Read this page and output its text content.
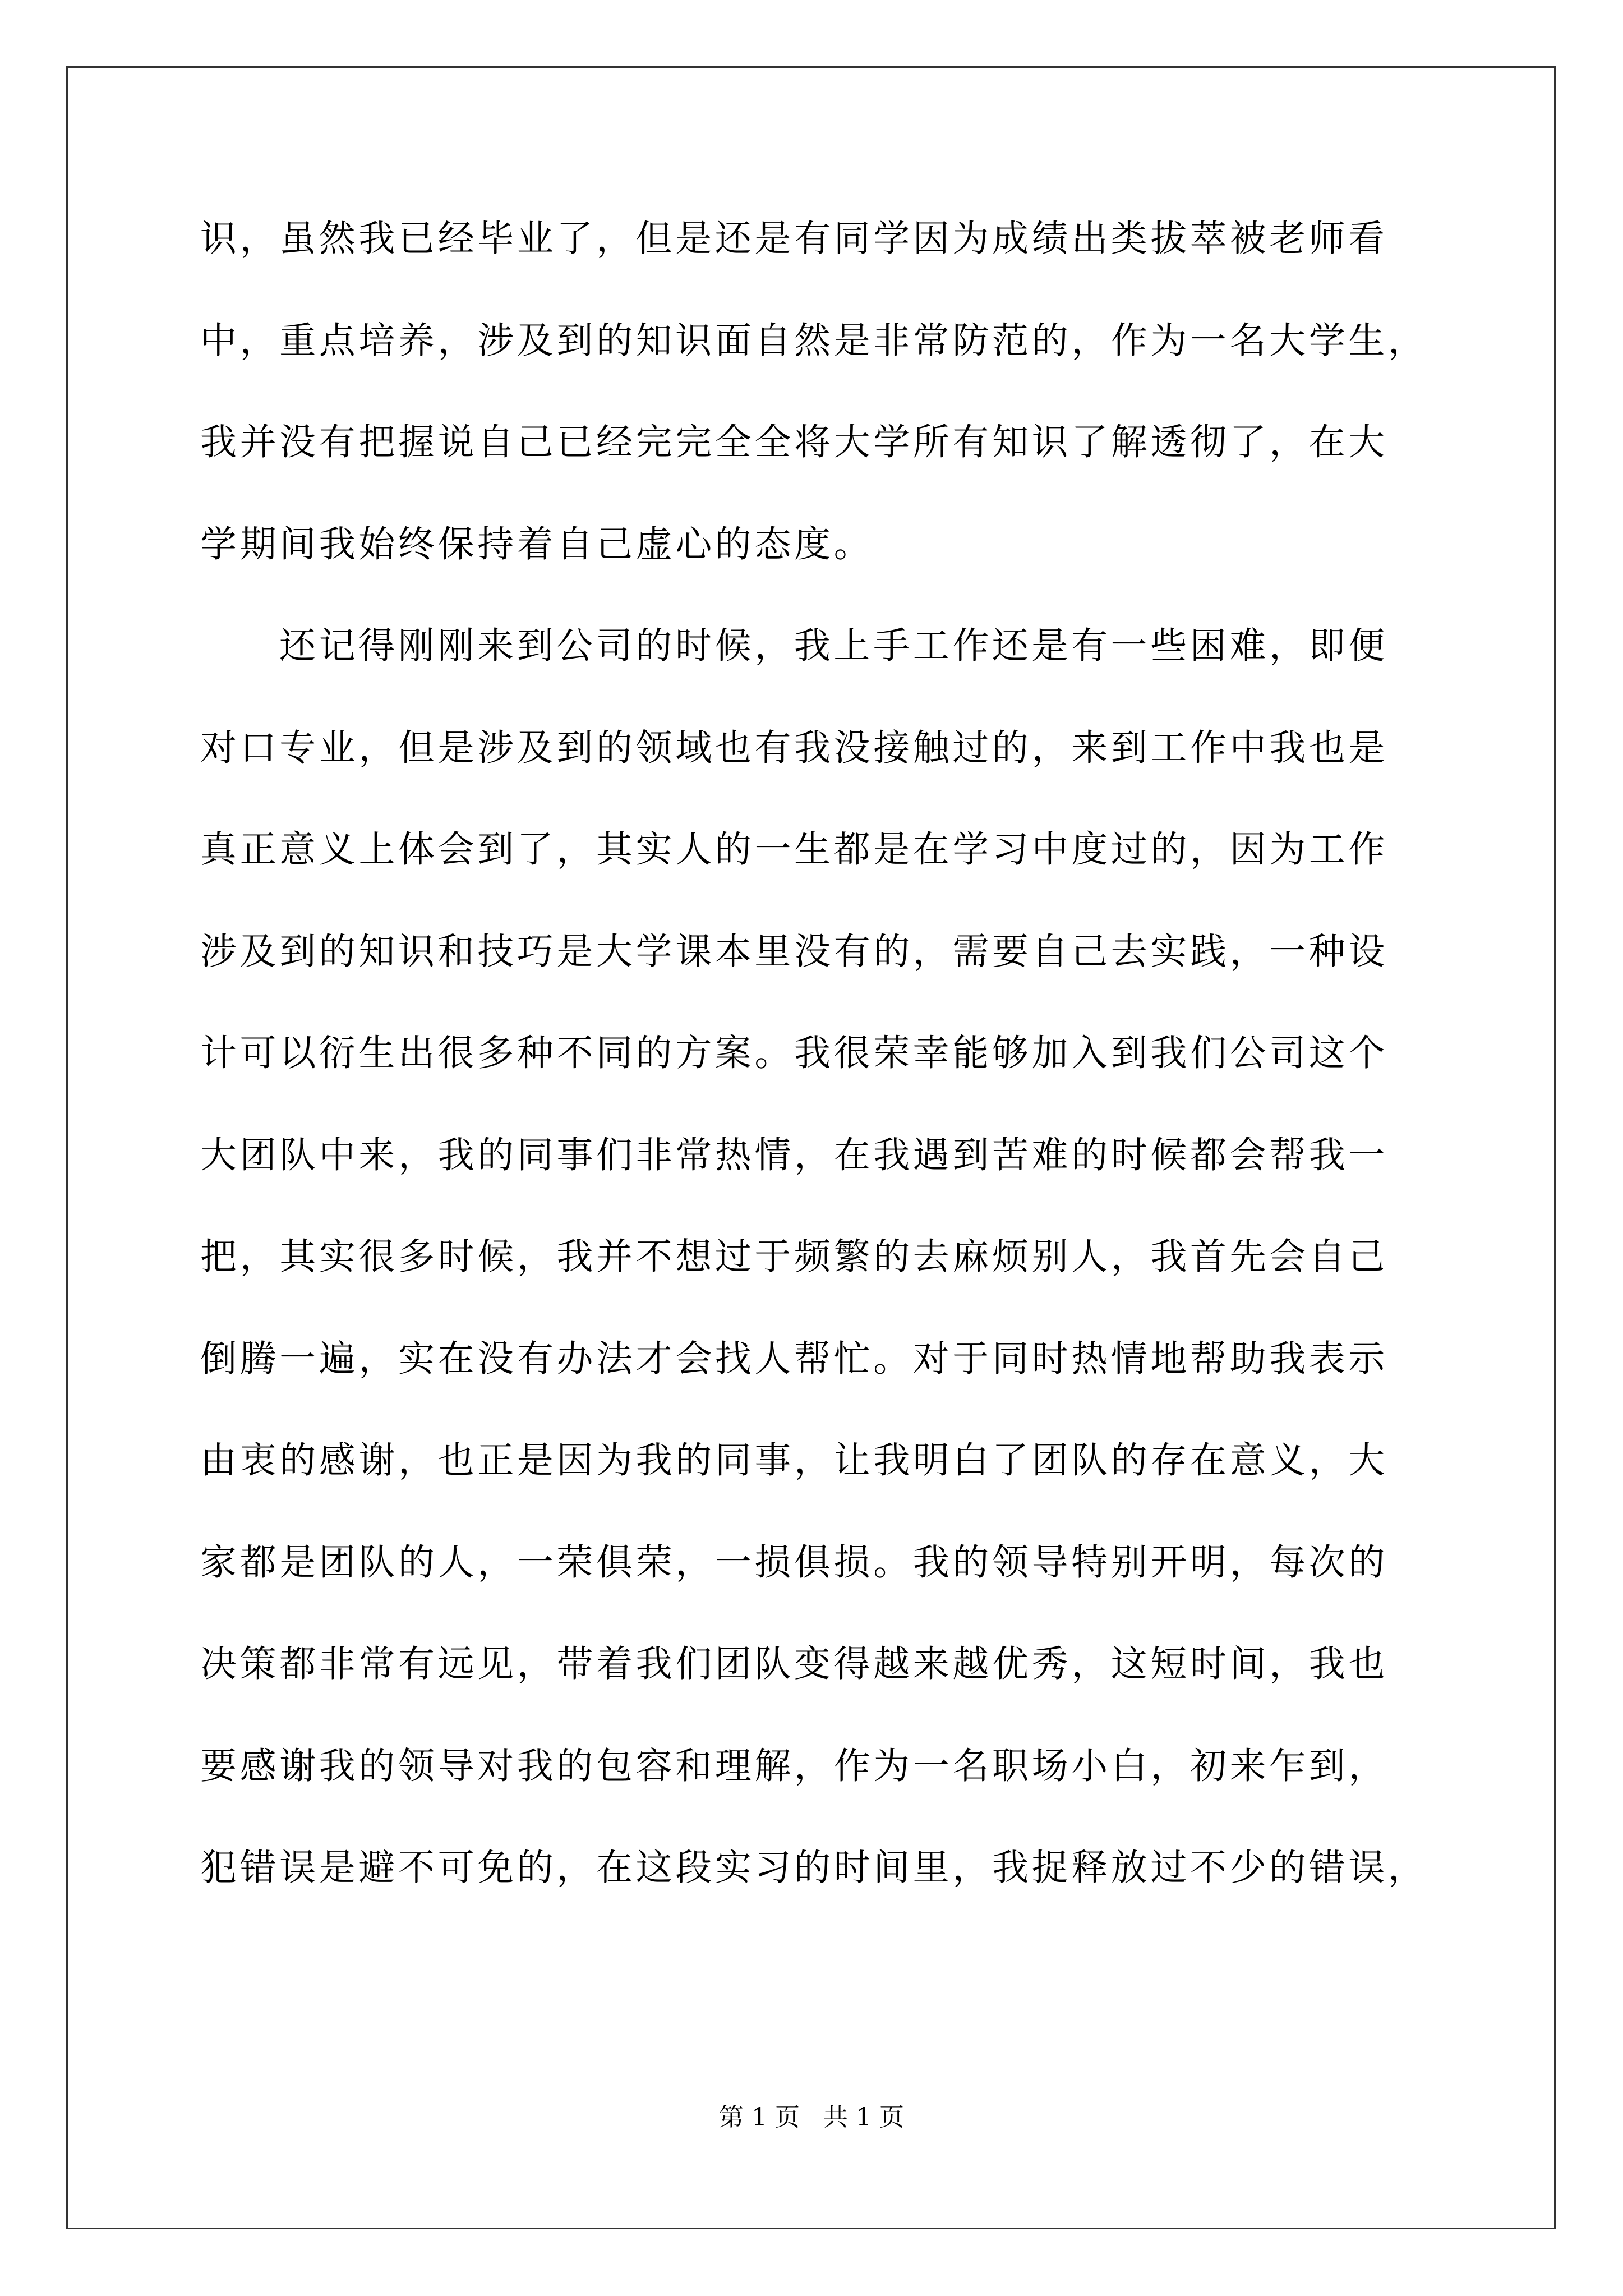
识，虽然我已经毕业了，但是还是有同学因为成绩出类拔萃被老师看
中，重点培养，涉及到的知识面自然是非常防范的，作为一名大学生，
我并没有把握说自己已经完完全全将大学所有知识了解透彻了，在大
学期间我始终保持着自己虚心的态度。
还记得刚刚来到公司的时候，我上手工作还是有一些困难，即便
对口专业，但是涉及到的领域也有我没接触过的，来到工作中我也是
真正意义上体会到了，其实人的一生都是在学习中度过的，因为工作
涉及到的知识和技巧是大学课本里没有的，需要自己去实践，一种设
计可以衍生出很多种不同的方案。我很荣幸能够加入到我们公司这个
大团队中来，我的同事们非常热情，在我遇到苦难的时候都会帮我一
把，其实很多时候，我并不想过于频繁的去麻烦别人，我首先会自己
倒腾一遍，实在没有办法才会找人帮忙。对于同时热情地帮助我表示
由衷的感谢，也正是因为我的同事，让我明白了团队的存在意义，大
家都是团队的人，一荣俱荣，一损俱损。我的领导特别开明，每次的
决策都非常有远见，带着我们团队变得越来越优秀，这短时间，我也
要感谢我的领导对我的包容和理解，作为一名职场小白，初来乍到，
犯错误是避不可免的，在这段实习的时间里，我捉释放过不少的错误，
第 1 页   共 1 页
